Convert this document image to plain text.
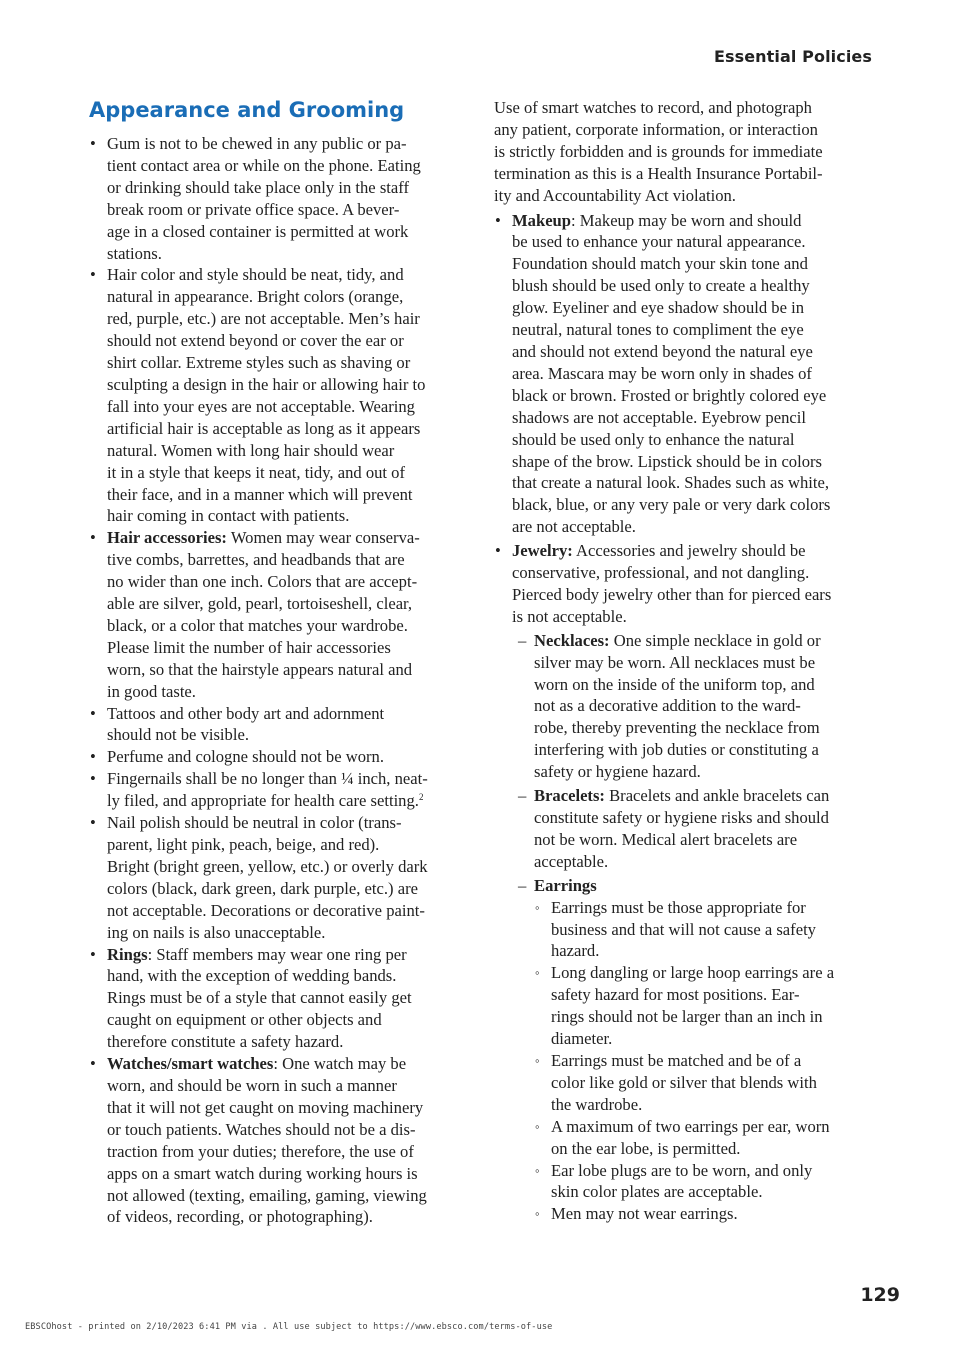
Essential Policies
Appearance and Grooming
• Gum is not to be chewed in any public or pa-
tient contact area or while on the phone. Eating
or drinking should take place only in the staff
break room or private office space. A bever-
age in a closed container is permitted at work
stations.
• Hair color and style should be neat, tidy, and
natural in appearance. Bright colors (orange,
red, purple, etc.) are not acceptable. Men’s hair
should not extend beyond or cover the ear or
shirt collar. Extreme styles such as shaving or
sculpting a design in the hair or allowing hair to
fall into your eyes are not acceptable. Wearing
artificial hair is acceptable as long as it appears
natural. Women with long hair should wear
it in a style that keeps it neat, tidy, and out of
their face, and in a manner which will prevent
hair coming in contact with patients.
• Hair accessories: Women may wear conserva-
tive combs, barrettes, and headbands that are
no wider than one inch. Colors that are accept-
able are silver, gold, pearl, tortoiseshell, clear,
black, or a color that matches your wardrobe.
Please limit the number of hair accessories
worn, so that the hairstyle appears natural and
in good taste.
• Tattoos and other body art and adornment
should not be visible.
• Perfume and cologne should not be worn.
• Fingernails shall be no longer than ¼ inch, neat-
ly filed, and appropriate for health care setting.$^2$
• Nail polish should be neutral in color (trans-
parent, light pink, peach, beige, and red).
Bright (bright green, yellow, etc.) or overly dark
colors (black, dark green, dark purple, etc.) are
not acceptable. Decorations or decorative paint-
ing on nails is also unacceptable.
• Rings: Staff members may wear one ring per
hand, with the exception of wedding bands.
Rings must be of a style that cannot easily get
caught on equipment or other objects and
therefore constitute a safety hazard.
• Watches/smart watches: One watch may be
worn, and should be worn in such a manner
that it will not get caught on moving machinery
or touch patients. Watches should not be a dis-
traction from your duties; therefore, the use of
apps on a smart watch during working hours is
not allowed (texting, emailing, gaming, viewing
of videos, recording, or photographing).

Use of smart watches to record, and photograph
any patient, corporate information, or interaction
is strictly forbidden and is grounds for immediate
termination as this is a Health Insurance Portabil-
ity and Accountability Act violation.

• Makeup: Makeup may be worn and should
be used to enhance your natural appearance.
Foundation should match your skin tone and
blush should be used only to create a healthy
glow. Eyeliner and eye shadow should be in
neutral, natural tones to compliment the eye
and should not extend beyond the natural eye
area. Mascara may be worn only in shades of
black or brown. Frosted or brightly colored eye
shadows are not acceptable. Eyebrow pencil
should be used only to enhance the natural
shape of the brow. Lipstick should be in colors
that create a natural look. Shades such as white,
black, blue, or any very pale or very dark colors
are not acceptable.
• Jewelry: Accessories and jewelry should be
conservative, professional, and not dangling.
Pierced body jewelry other than for pierced ears
is not acceptable.
– Necklaces: One simple necklace in gold or
silver may be worn. All necklaces must be
worn on the inside of the uniform top, and
not as a decorative addition to the ward-
robe, thereby preventing the necklace from
interfering with job duties or constituting a
safety or hygiene hazard.
– Bracelets: Bracelets and ankle bracelets can
constitute safety or hygiene risks and should
not be worn. Medical alert bracelets are
acceptable.
– Earrings
◦ Earrings must be those appropriate for
business and that will not cause a safety
hazard.
◦ Long dangling or large hoop earrings are a
safety hazard for most positions. Ear-
rings should not be larger than an inch in
diameter.
◦ Earrings must be matched and be of a
color like gold or silver that blends with
the wardrobe.
◦ A maximum of two earrings per ear, worn
on the ear lobe, is permitted.
◦ Ear lobe plugs are to be worn, and only
skin color plates are acceptable.
◦ Men may not wear earrings.
129
EBSCOhost - printed on 2/10/2023 6:41 PM via . All use subject to https://www.ebsco.com/terms-of-use
